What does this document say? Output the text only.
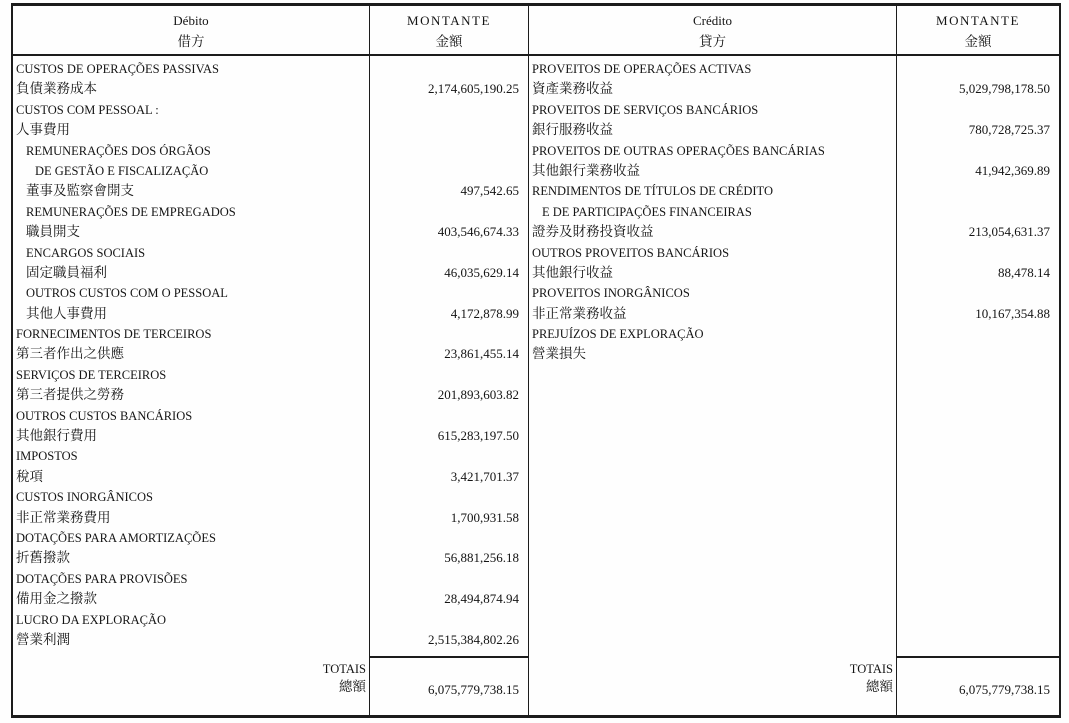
Débito
借方
MONTANTE
金額
Crédito
貸方
MONTANTE
金額
CUSTOS DE OPERAÇÕES PASSIVAS
負債業務成本
CUSTOS COM PESSOAL :
人事費用
REMUNERAÇÕES DOS ÓRGÃOS
DE GESTÃO E FISCALIZAÇÃO
董事及監察會開支
REMUNERAÇÕES DE EMPREGADOS
職員開支
ENCARGOS SOCIAIS
固定職員福利
OUTROS CUSTOS COM O PESSOAL
其他人事費用
FORNECIMENTOS DE TERCEIROS
第三者作出之供應
SERVIÇOS DE TERCEIROS
第三者提供之勞務
OUTROS CUSTOS BANCÁRIOS
其他銀行費用
IMPOSTOS
稅項
CUSTOS INORGÂNICOS
非正常業務費用
DOTAÇÕES PARA AMORTIZAÇÕES
折舊撥款
DOTAÇÕES PARA PROVISÕES
備用金之撥款
LUCRO DA EXPLORAÇÃO
營業利潤
2,174,605,190.25
497,542.65
403,546,674.33
46,035,629.14
4,172,878.99
23,861,455.14
201,893,603.82
615,283,197.50
3,421,701.37
1,700,931.58
56,881,256.18
28,494,874.94
2,515,384,802.26
PROVEITOS DE OPERAÇÕES ACTIVAS
資產業務收益
PROVEITOS DE SERVIÇOS BANCÁRIOS
銀行服務收益
PROVEITOS DE OUTRAS OPERAÇÕES BANCÁRIAS
其他銀行業務收益
RENDIMENTOS DE TÍTULOS DE CRÉDITO
E DE PARTICIPAÇÕES FINANCEIRAS
證券及財務投資收益
OUTROS PROVEITOS BANCÁRIOS
其他銀行收益
PROVEITOS INORGÂNICOS
非正常業務收益
PREJUÍZOS DE EXPLORAÇÃO
營業損失
5,029,798,178.50
780,728,725.37
41,942,369.89
213,054,631.37
88,478.14
10,167,354.88
TOTAIS
總額	6,075,779,738.15
TOTAIS
總額	6,075,779,738.15
